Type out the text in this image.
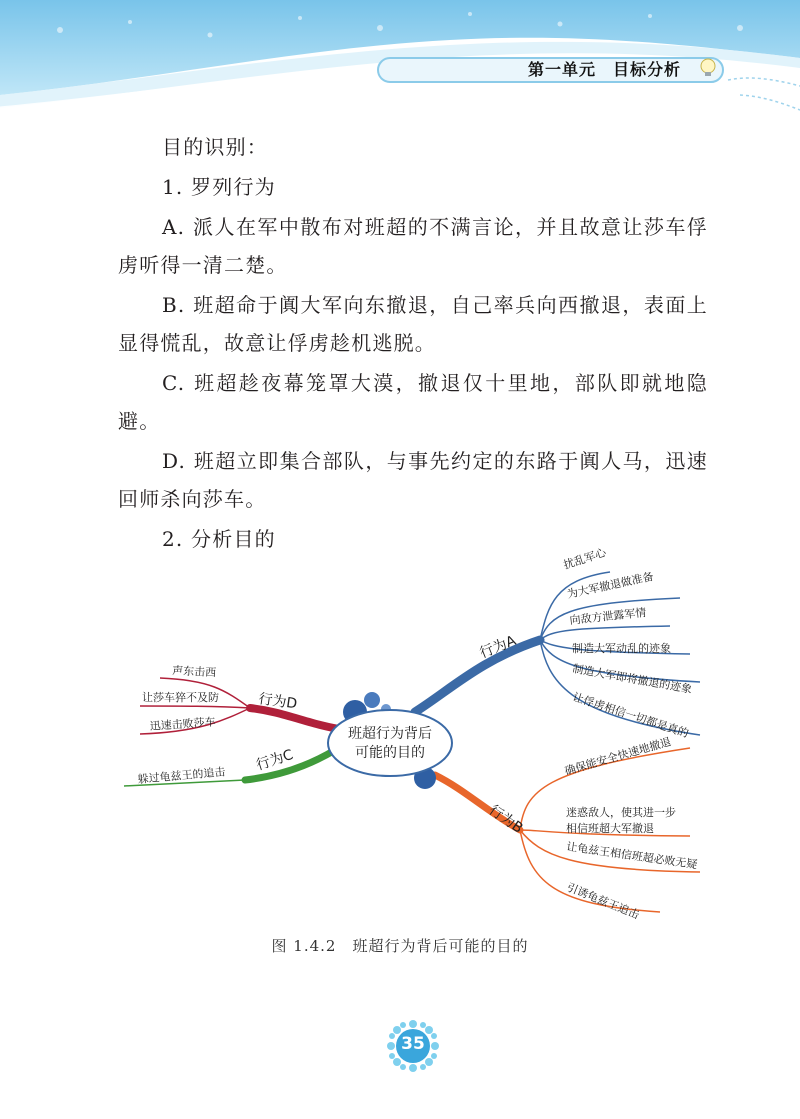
第一单元　目标分析

目的识别：

1. 罗列行为

A. 派人在军中散布对班超的不满言论，并且故意让莎车俘虏听得一清二楚。

B. 班超命于阗大军向东撤退，自己率兵向西撤退，表面上显得慌乱，故意让俘虏趁机逃脱。

C. 班超趁夜幕笼罩大漠，撤退仅十里地，部队即就地隐避。

D. 班超立即集合部队，与事先约定的东路于阗人马，迅速回师杀向莎车。

2. 分析目的

行为A
扰乱军心
为大军撤退做准备
向敌方泄露军情
制造大军动乱的迹象
制造大军即将撤退的迹象
让俘虏相信一切都是真的
行为B
确保能安全快速地撤退
迷惑敌人，使其进一步
相信班超大军撤退
让龟兹王相信班超必败无疑
引诱龟兹王追击
行为C
躲过龟兹王的追击
行为D
声东击西
让莎车猝不及防
迅速击败莎车
班超行为背后
可能的目的
图 1.4.2　班超行为背后可能的目的
35
